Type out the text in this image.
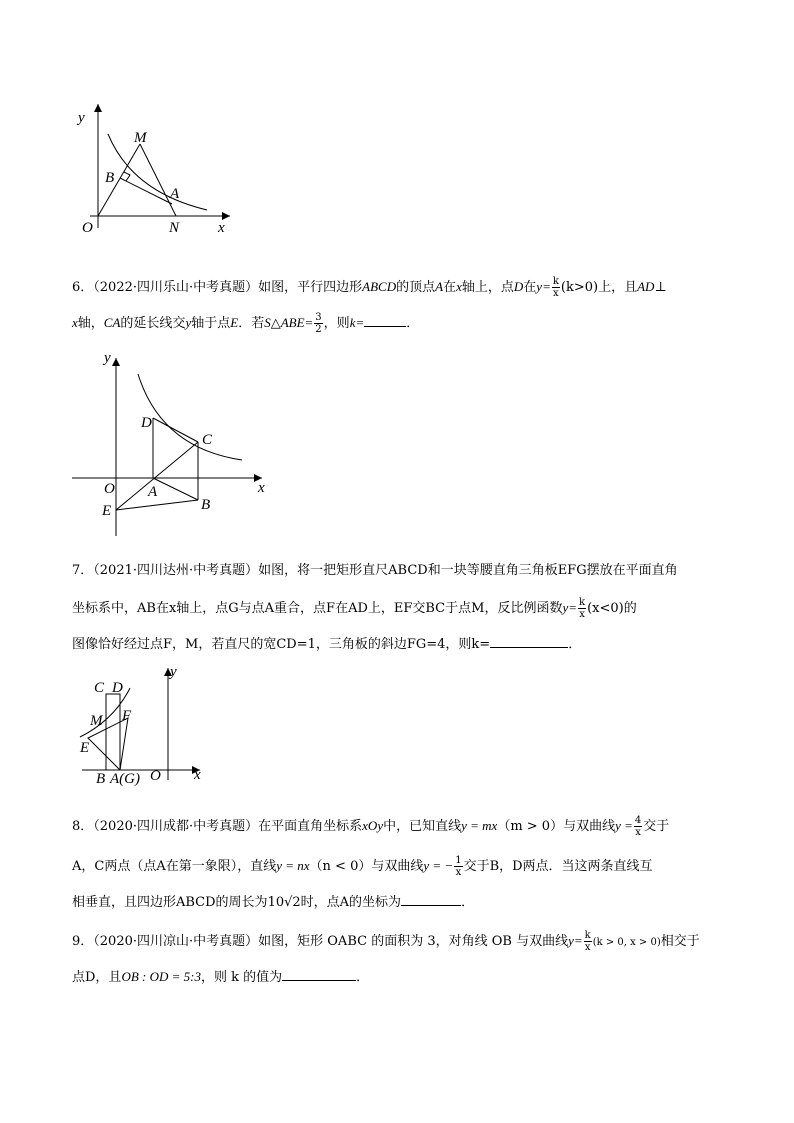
y
x
O
M
B
A
N
6．（2022·四川乐山·中考真题）如图，平行四边形ABCD的顶点A在x轴上，点D在$y= \frac{k}{x} (k>0)$上，且AD⊥
x轴，CA的延长线交y轴于点E．若S△ABE= $\frac{3}{2}$ ，则k=	．
y
x
O
D
C
A
E	B
7．（2021·四川达州·中考真题）如图，将一把矩形直尺ABCD和一块等腰直角三角板EFG摆放在平面直角
坐标系中，AB在x轴上，点G与点A重合，点F在AD上，EF交BC于点M，反比例函数$y= \frac{k}{x} (x<0)$的
图像恰好经过点F，M，若直尺的宽CD=1，三角板的斜边FG=4，则k=	．
C D
y
M F
E
B A(G) O x
8．（2020·四川成都·中考真题）在平面直角坐标系xOy中，已知直线y = mx（m > 0）与双曲线$y = \frac{4}{x}$ 交于
A，C两点（点A在第一象限），直线y = nx（n < 0）与双曲线y = − $\frac{1}{x}$ 交于B，D两点．当这两条直线互
相垂直，且四边形ABCD的周长为10√2时，点A的坐标为	．
9．（2020·四川凉山·中考真题）如图，矩形 OABC 的面积为 3，对角线 OB 与双曲线$y= \frac{k}{x} (k > 0$, x > 0)相交于
点D，且OB : OD = 5:3，则 k 的值为	．
